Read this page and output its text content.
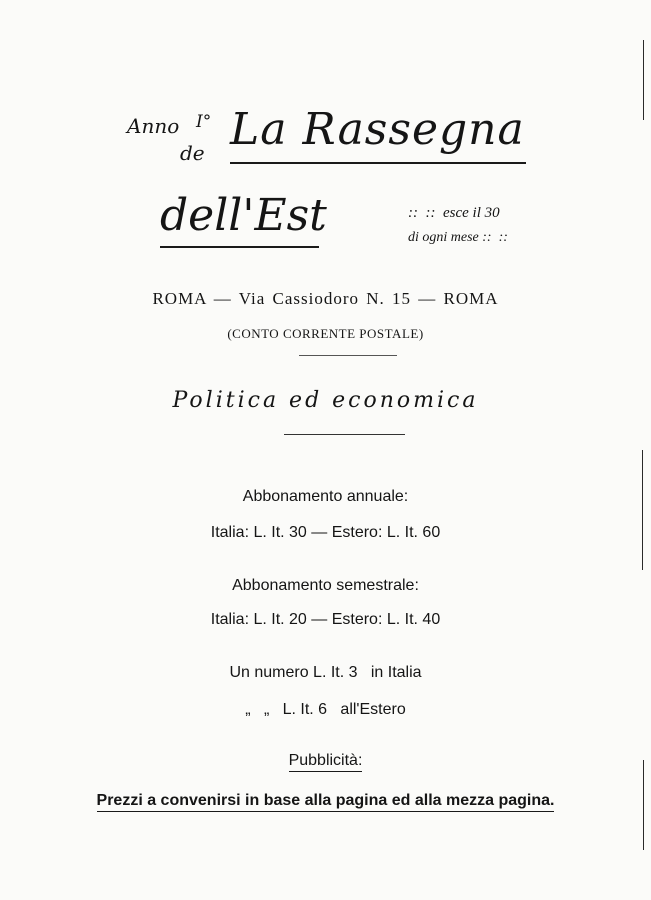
Anno I°
de La Rassegna
dell'Est	::  ::  esce il 30
di ogni mese ::  ::
ROMA — Via Cassiodoro N. 15 — ROMA
(CONTO CORRENTE POSTALE)
Politica ed economica
Abbonamento annuale:
Italia: L. It. 30 — Estero: L. It. 60
Abbonamento semestrale:
Italia: L. It. 20 — Estero: L. It. 40
Un numero L. It. 3   in Italia
„   „   L. It. 6   all'Estero
Pubblicità:
Prezzi a convenirsi in base alla pagina ed alla mezza pagina.
